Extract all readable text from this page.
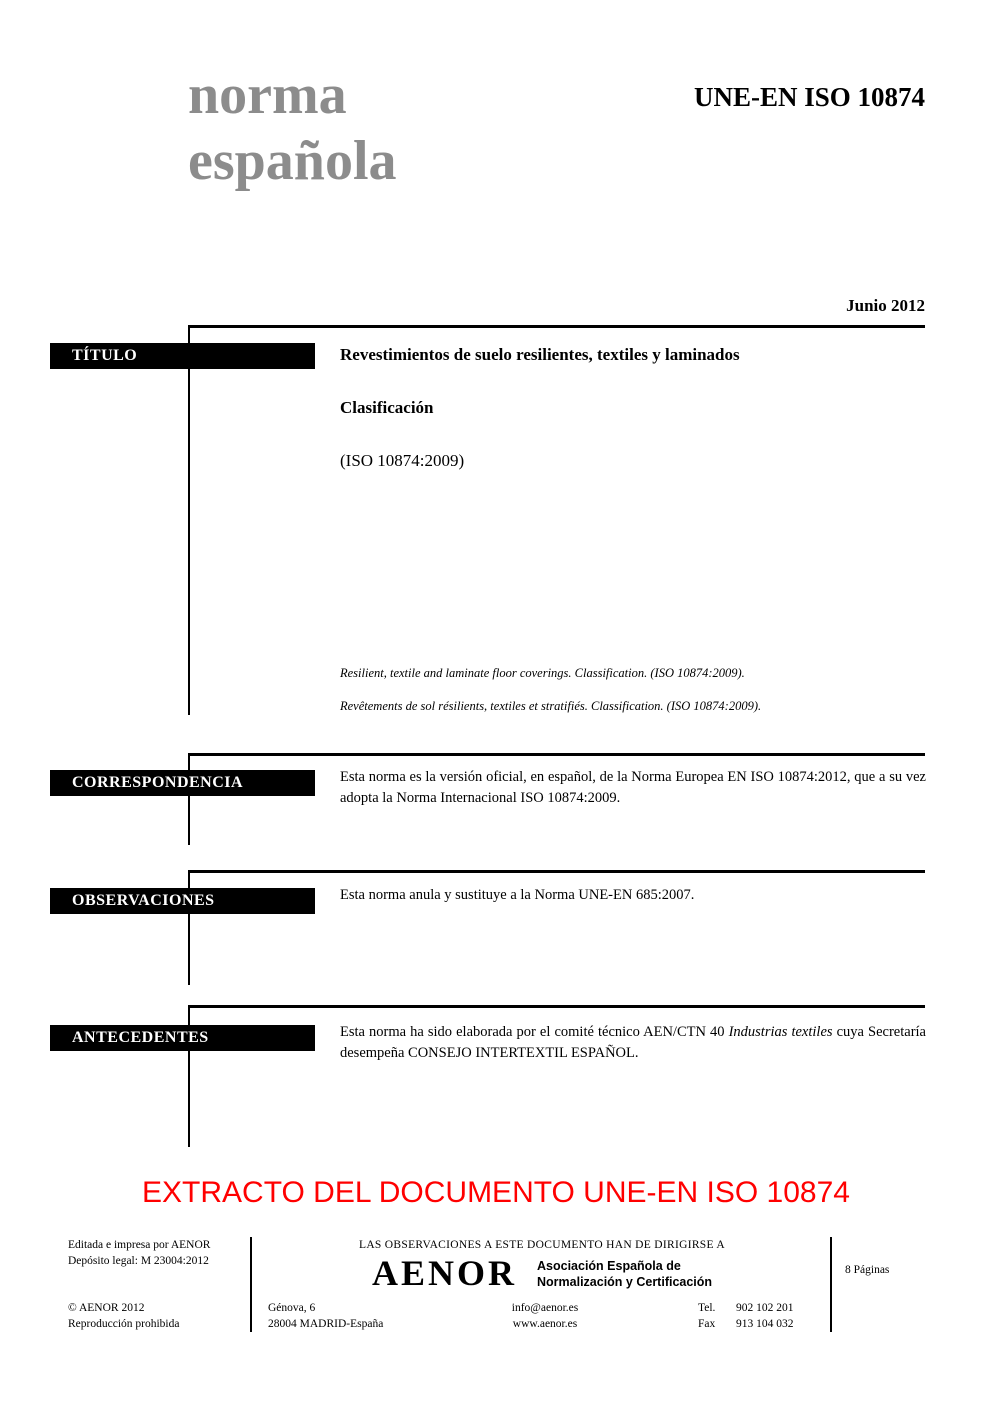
norma
española
UNE-EN ISO 10874
Junio 2012
TÍTULO	Revestimientos de suelo resilientes, textiles y laminados
Clasificación
(ISO 10874:2009)
Resilient, textile and laminate floor coverings. Classification. (ISO 10874:2009).
Revêtements de sol résilients, textiles et stratifiés. Classification. (ISO 10874:2009).
CORRESPONDENCIA	Esta norma es la versión oficial, en español, de la Norma Europea EN ISO 10874:2012, que a su vez adopta la Norma Internacional ISO 10874:2009.
OBSERVACIONES	Esta norma anula y sustituye a la Norma UNE-EN 685:2007.
ANTECEDENTES	Esta norma ha sido elaborada por el comité técnico AEN/CTN 40 Industrias textiles cuya Secretaría desempeña CONSEJO INTERTEXTIL ESPAÑOL.
EXTRACTO DEL DOCUMENTO UNE-EN ISO 10874
Editada e impresa por AENOR
Depósito legal: M 23004:2012
© AENOR 2012
Reproducción prohibida
LAS OBSERVACIONES A ESTE DOCUMENTO HAN DE DIRIGIRSE A
AENOR Asociación Española de
Normalización y Certificación
Génova, 6
28004 MADRID-España
info@aenor.es
www.aenor.es
Tel. 902 102 201
Fax 913 104 032
8 Páginas
